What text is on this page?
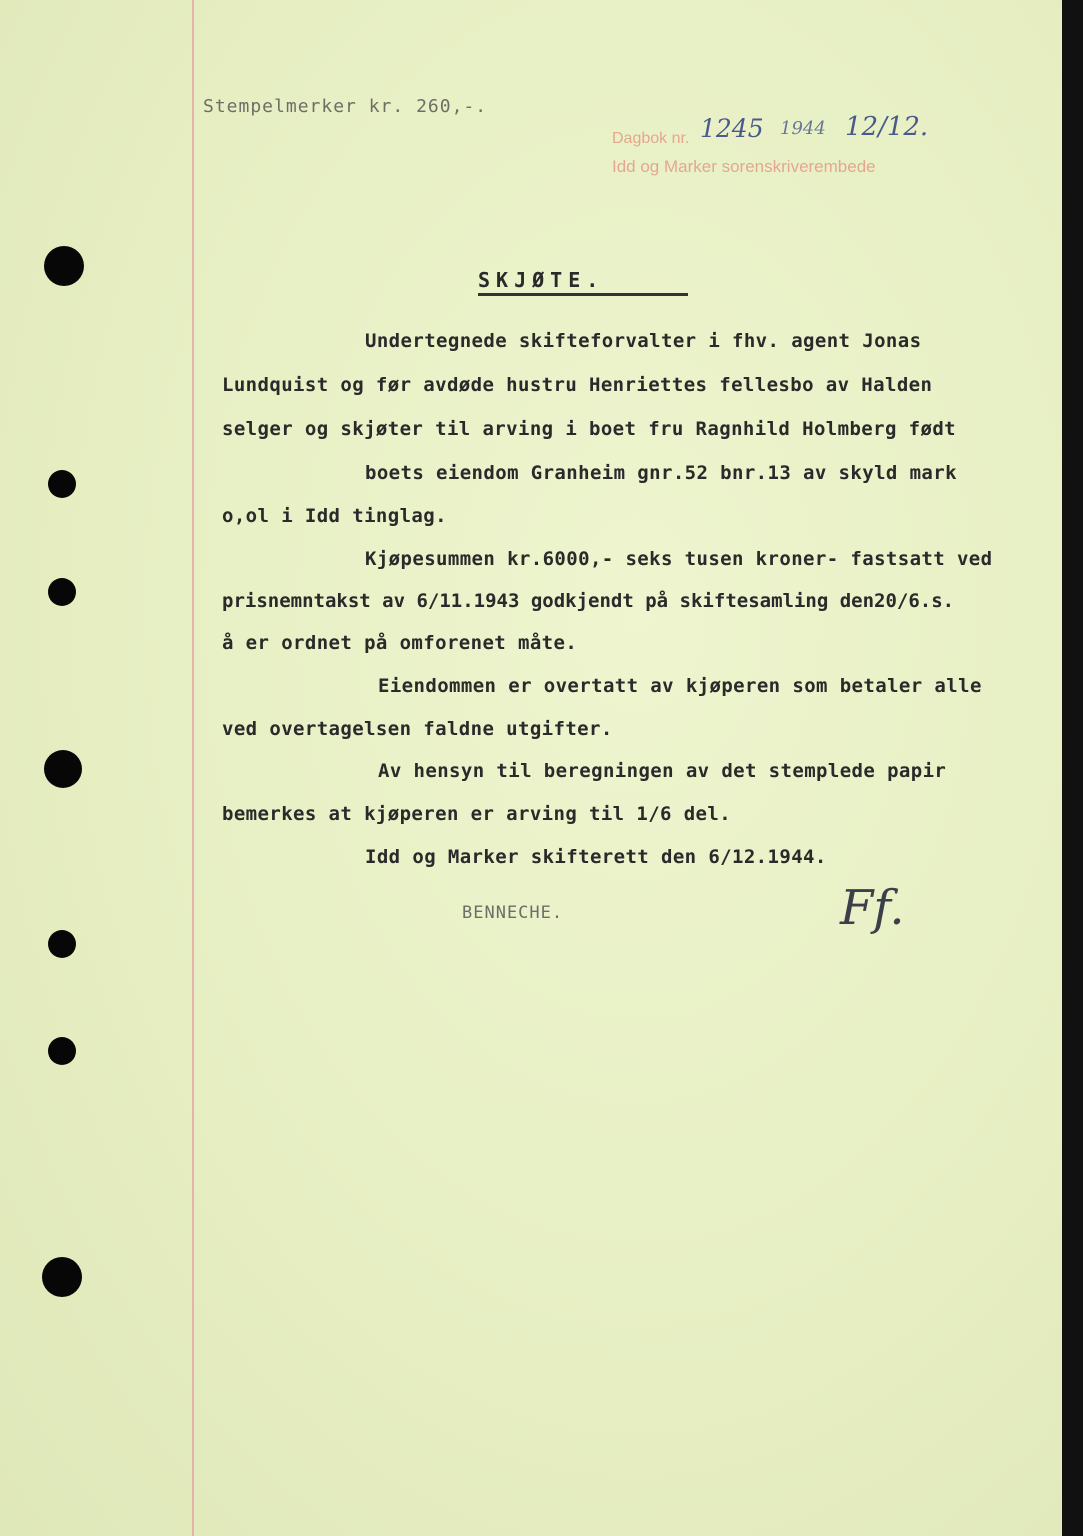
Stempelmerker kr. 260,-.
Dagbok nr. 1245 1944 12/12.
Idd og Marker sorenskriverembede
SKJØTE.
Undertegnede skifteforvalter i fhv. agent Jonas
Lundquist og før avdøde hustru Henriettes fellesbo av Halden
selger og skjøter til arving i boet fru Ragnhild Holmberg født
boets eiendom Granheim gnr.52 bnr.13 av skyld mark
o,ol i Idd tinglag.
Kjøpesummen kr.6000,- seks tusen kroner- fastsatt ved
prisnemntakst av 6/11.1943 godkjendt på skiftesamling den20/6.s.
å er ordnet på omforenet måte.
Eiendommen er overtatt av kjøperen som betaler alle
ved overtagelsen faldne utgifter.
Av hensyn til beregningen av det stemplede papir
bemerkes at kjøperen er arving til 1/6 del.
Idd og Marker skifterett den 6/12.1944.
BENNECHE.	Ff.
